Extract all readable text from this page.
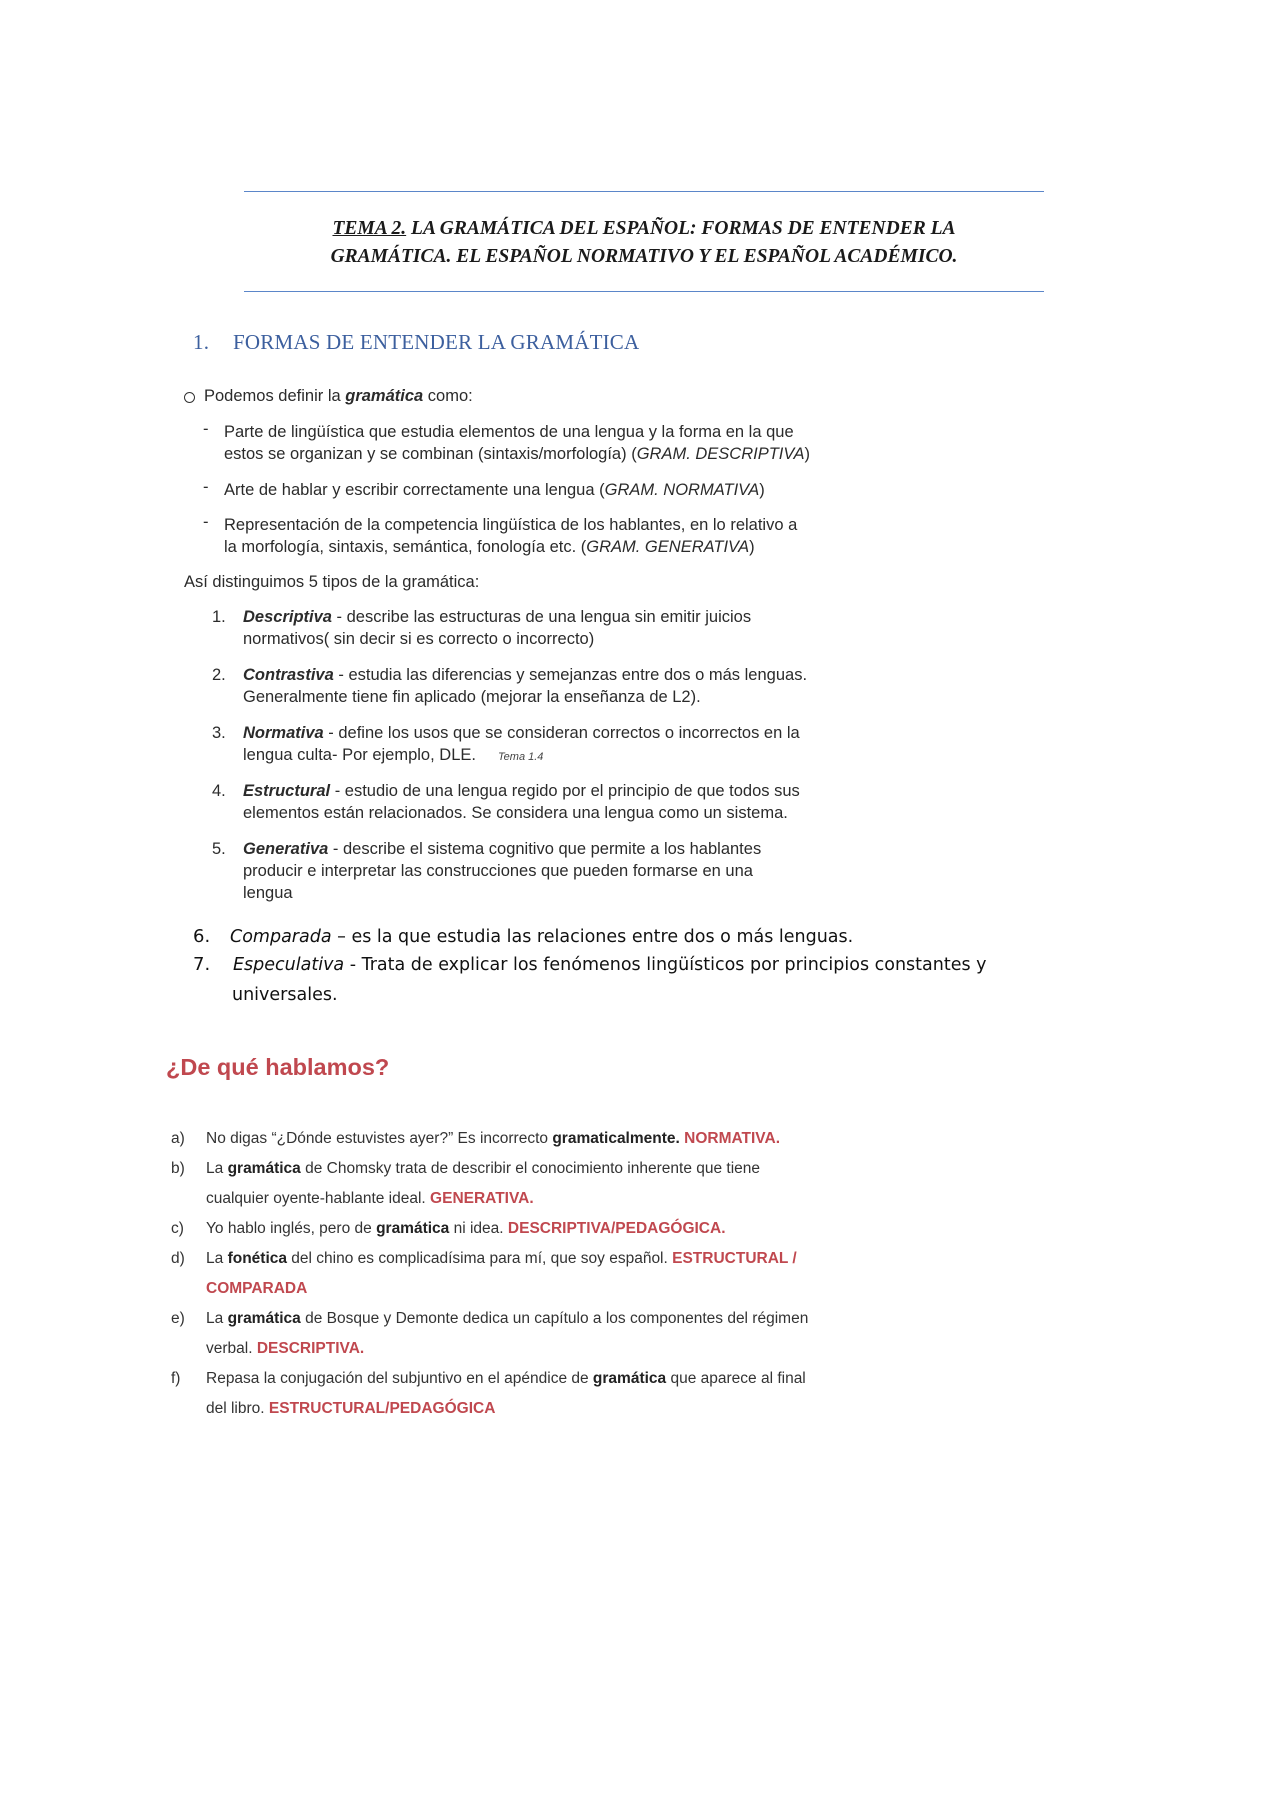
TEMA 2. LA GRAMÁTICA DEL ESPAÑOL: FORMAS DE ENTENDER LA
GRAMÁTICA. EL ESPAÑOL NORMATIVO Y EL ESPAÑOL ACADÉMICO.
1. FORMAS DE ENTENDER LA GRAMÁTICA
Podemos definir la gramática como:
- Parte de lingüística que estudia elementos de una lengua y la forma en la que
estos se organizan y se combinan (sintaxis/morfología) (GRAM. DESCRIPTIVA)
- Arte de hablar y escribir correctamente una lengua (GRAM. NORMATIVA)
- Representación de la competencia lingüística de los hablantes, en lo relativo a
la morfología, sintaxis, semántica, fonología etc. (GRAM. GENERATIVA)
Así distinguimos 5 tipos de la gramática:
1. Descriptiva - describe las estructuras de una lengua sin emitir juicios
normativos( sin decir si es correcto o incorrecto)
2. Contrastiva - estudia las diferencias y semejanzas entre dos o más lenguas.
Generalmente tiene fin aplicado (mejorar la enseñanza de L2).
3. Normativa - define los usos que se consideran correctos o incorrectos en la
lengua culta- Por ejemplo, DLE. Tema 1.4
4. Estructural - estudio de una lengua regido por el principio de que todos sus
elementos están relacionados. Se considera una lengua como un sistema.
5. Generativa - describe el sistema cognitivo que permite a los hablantes
producir e interpretar las construcciones que pueden formarse en una
lengua
6. Comparada – es la que estudia las relaciones entre dos o más lenguas.
7. Especulativa - Trata de explicar los fenómenos lingüísticos por principios constantes y
universales.
¿De qué hablamos?
a) No digas “¿Dónde estuvistes ayer?” Es incorrecto gramaticalmente. NORMATIVA.
b) La gramática de Chomsky trata de describir el conocimiento inherente que tiene
cualquier oyente-hablante ideal. GENERATIVA.
c) Yo hablo inglés, pero de gramática ni idea. DESCRIPTIVA/PEDAGÓGICA.
d) La fonética del chino es complicadísima para mí, que soy español. ESTRUCTURAL /
COMPARADA
e) La gramática de Bosque y Demonte dedica un capítulo a los componentes del régimen
verbal. DESCRIPTIVA.
f) Repasa la conjugación del subjuntivo en el apéndice de gramática que aparece al final
del libro. ESTRUCTURAL/PEDAGÓGICA
